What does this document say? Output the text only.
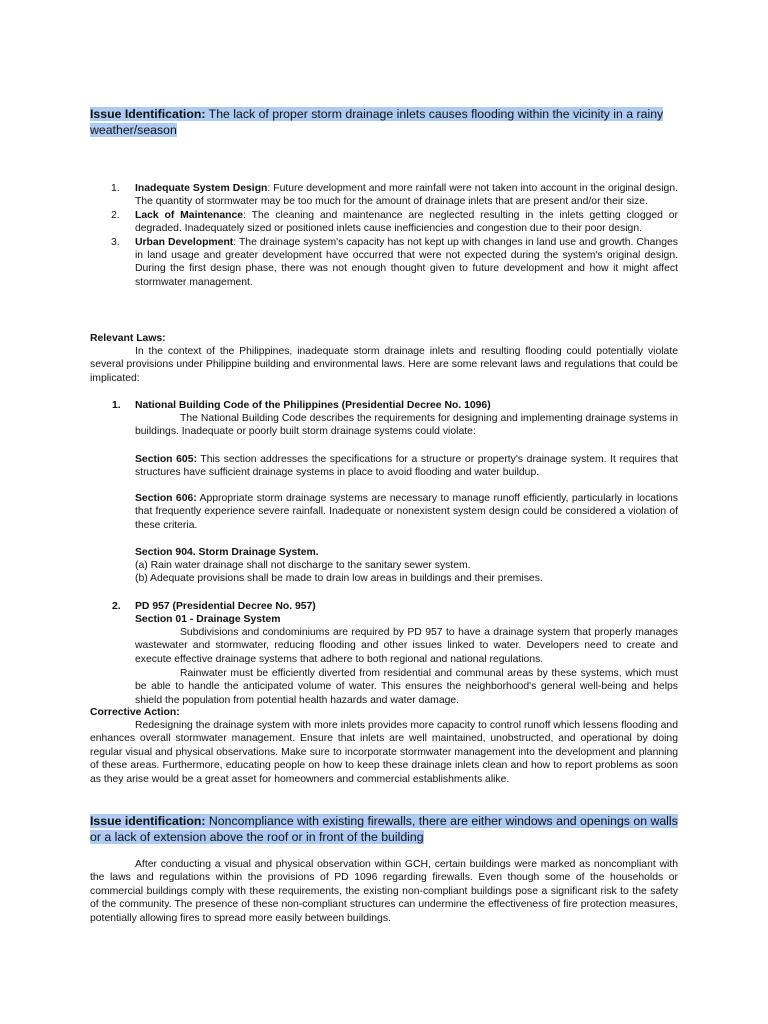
Issue Identification: The lack of proper storm drainage inlets causes flooding within the vicinity in a rainy weather/season
1. Inadequate System Design: Future development and more rainfall were not taken into account in the original design. The quantity of stormwater may be too much for the amount of drainage inlets that are present and/or their size.
2. Lack of Maintenance: The cleaning and maintenance are neglected resulting in the inlets getting clogged or degraded. Inadequately sized or positioned inlets cause inefficiencies and congestion due to their poor design.
3. Urban Development: The drainage system's capacity has not kept up with changes in land use and growth. Changes in land usage and greater development have occurred that were not expected during the system's original design. During the first design phase, there was not enough thought given to future development and how it might affect stormwater management.
Relevant Laws:
In the context of the Philippines, inadequate storm drainage inlets and resulting flooding could potentially violate several provisions under Philippine building and environmental laws. Here are some relevant laws and regulations that could be implicated:
1. National Building Code of the Philippines (Presidential Decree No. 1096)
The National Building Code describes the requirements for designing and implementing drainage systems in buildings. Inadequate or poorly built storm drainage systems could violate:
Section 605: This section addresses the specifications for a structure or property's drainage system. It requires that structures have sufficient drainage systems in place to avoid flooding and water buildup.
Section 606: Appropriate storm drainage systems are necessary to manage runoff efficiently, particularly in locations that frequently experience severe rainfall. Inadequate or nonexistent system design could be considered a violation of these criteria.
Section 904. Storm Drainage System.
(a) Rain water drainage shall not discharge to the sanitary sewer system.
(b) Adequate provisions shall be made to drain low areas in buildings and their premises.
2. PD 957 (Presidential Decree No. 957)
Section 01 - Drainage System
Subdivisions and condominiums are required by PD 957 to have a drainage system that properly manages wastewater and stormwater, reducing flooding and other issues linked to water. Developers need to create and execute effective drainage systems that adhere to both regional and national regulations.
Rainwater must be efficiently diverted from residential and communal areas by these systems, which must be able to handle the anticipated volume of water. This ensures the neighborhood's general well-being and helps shield the population from potential health hazards and water damage.
Corrective Action:
Redesigning the drainage system with more inlets provides more capacity to control runoff which lessens flooding and enhances overall stormwater management. Ensure that inlets are well maintained, unobstructed, and operational by doing regular visual and physical observations. Make sure to incorporate stormwater management into the development and planning of these areas. Furthermore, educating people on how to keep these drainage inlets clean and how to report problems as soon as they arise would be a great asset for homeowners and commercial establishments alike.
Issue identification: Noncompliance with existing firewalls, there are either windows and openings on walls or a lack of extension above the roof or in front of the building
After conducting a visual and physical observation within GCH, certain buildings were marked as noncompliant with the laws and regulations within the provisions of PD 1096 regarding firewalls. Even though some of the households or commercial buildings comply with these requirements, the existing non-compliant buildings pose a significant risk to the safety of the community. The presence of these non-compliant structures can undermine the effectiveness of fire protection measures, potentially allowing fires to spread more easily between buildings.
